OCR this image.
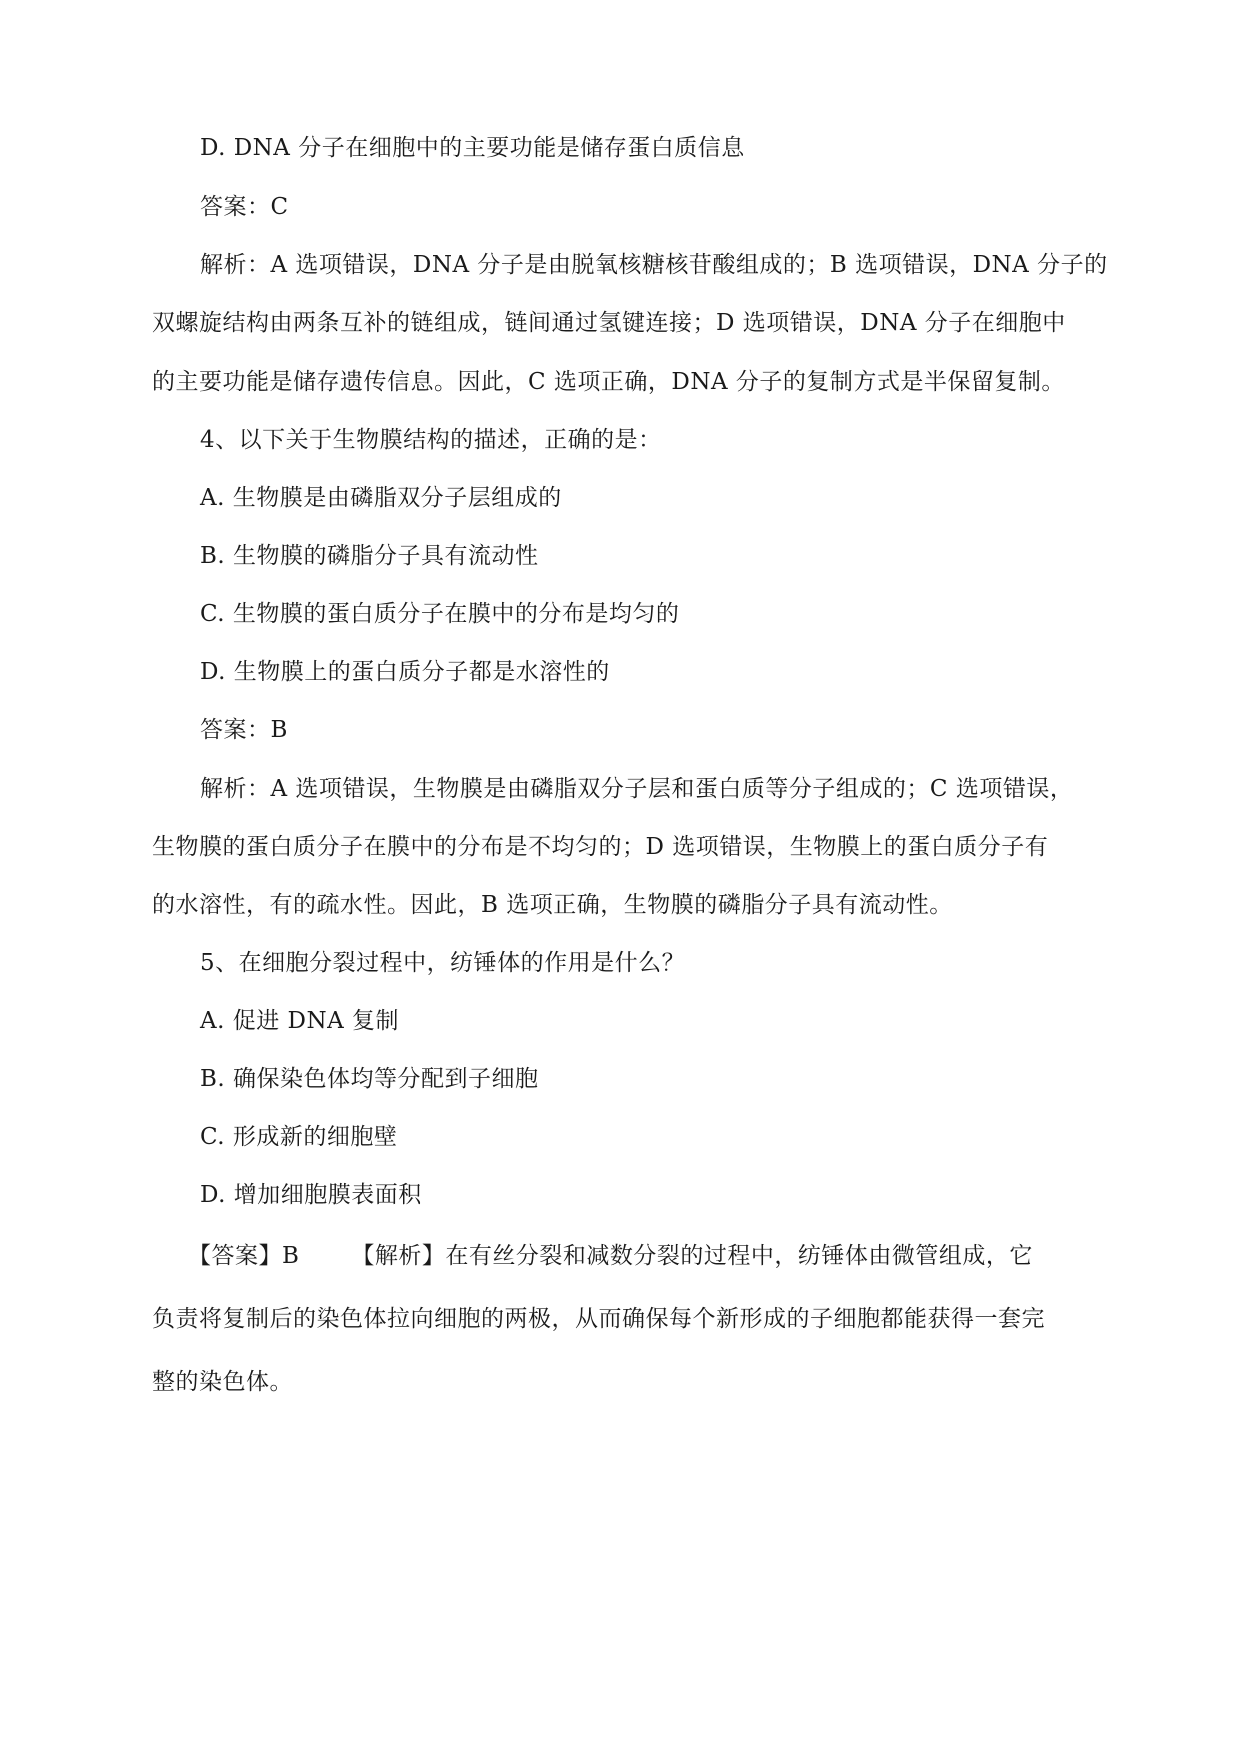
D. DNA 分子在细胞中的主要功能是储存蛋白质信息
答案：C
解析：A 选项错误，DNA 分子是由脱氧核糖核苷酸组成的；B 选项错误，DNA 分子的
双螺旋结构由两条互补的链组成，链间通过氢键连接；D 选项错误，DNA 分子在细胞中
的主要功能是储存遗传信息。因此，C 选项正确，DNA 分子的复制方式是半保留复制。
4、以下关于生物膜结构的描述，正确的是：
A. 生物膜是由磷脂双分子层组成的
B. 生物膜的磷脂分子具有流动性
C. 生物膜的蛋白质分子在膜中的分布是均匀的
D. 生物膜上的蛋白质分子都是水溶性的
答案：B
解析：A 选项错误，生物膜是由磷脂双分子层和蛋白质等分子组成的；C 选项错误，
生物膜的蛋白质分子在膜中的分布是不均匀的；D 选项错误，生物膜上的蛋白质分子有
的水溶性，有的疏水性。因此，B 选项正确，生物膜的磷脂分子具有流动性。
5、在细胞分裂过程中，纺锤体的作用是什么？
A. 促进 DNA 复制
B. 确保染色体均等分配到子细胞
C. 形成新的细胞壁
D. 增加细胞膜表面积
【答案】B 【解析】在有丝分裂和减数分裂的过程中，纺锤体由微管组成，它
负责将复制后的染色体拉向细胞的两极，从而确保每个新形成的子细胞都能获得一套完
整的染色体。
